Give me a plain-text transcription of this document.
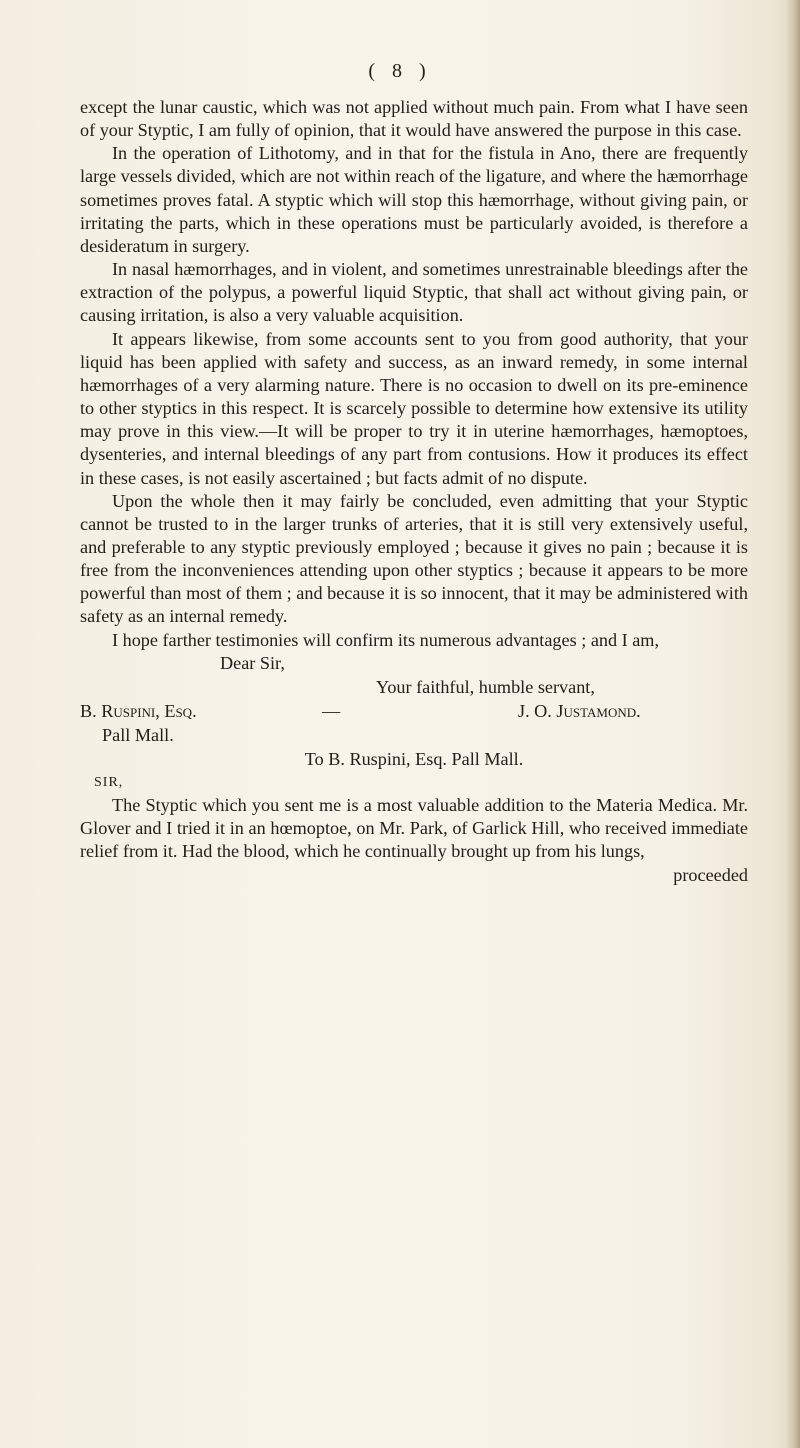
( 8 )

except the lunar caustic, which was not applied without much pain. From what I have seen of your Styptic, I am fully of opinion, that it would have answered the purpose in this case.

In the operation of Lithotomy, and in that for the fistula in Ano, there are frequently large vessels divided, which are not within reach of the ligature, and where the hæmorrhage sometimes proves fatal. A styptic which will stop this hæmorrhage, without giving pain, or irritating the parts, which in these operations must be particularly avoided, is therefore a desideratum in surgery.

In nasal hæmorrhages, and in violent, and sometimes unrestrainable bleedings after the extraction of the polypus, a powerful liquid Styptic, that shall act without giving pain, or causing irritation, is also a very valuable acquisition.

It appears likewise, from some accounts sent to you from good authority, that your liquid has been applied with safety and success, as an inward remedy, in some internal hæmorrhages of a very alarming nature. There is no occasion to dwell on its pre-eminence to other styptics in this respect. It is scarcely possible to determine how extensive its utility may prove in this view.—It will be proper to try it in uterine hæmorrhages, hæmoptoes, dysenteries, and internal bleedings of any part from contusions. How it produces its effect in these cases, is not easily ascertained ; but facts admit of no dispute.

Upon the whole then it may fairly be concluded, even admitting that your Styptic cannot be trusted to in the larger trunks of arteries, that it is still very extensively useful, and preferable to any styptic previously employed ; because it gives no pain ; because it is free from the inconveniences attending upon other styptics ; because it appears to be more powerful than most of them ; and because it is so innocent, that it may be administered with safety as an internal remedy.

I hope farther testimonies will confirm its numerous advantages ; and I am,

Dear Sir,
Your faithful, humble servant,
B. Ruspini, Esq.	—	J. O. Justamond.
Pall Mall.

To B. Ruspini, Esq. Pall Mall.

SIR,

The Styptic which you sent me is a most valuable addition to the Materia Medica. Mr. Glover and I tried it in an hœmoptoe, on Mr. Park, of Garlick Hill, who received immediate relief from it. Had the blood, which he continually brought up from his lungs,

proceeded
